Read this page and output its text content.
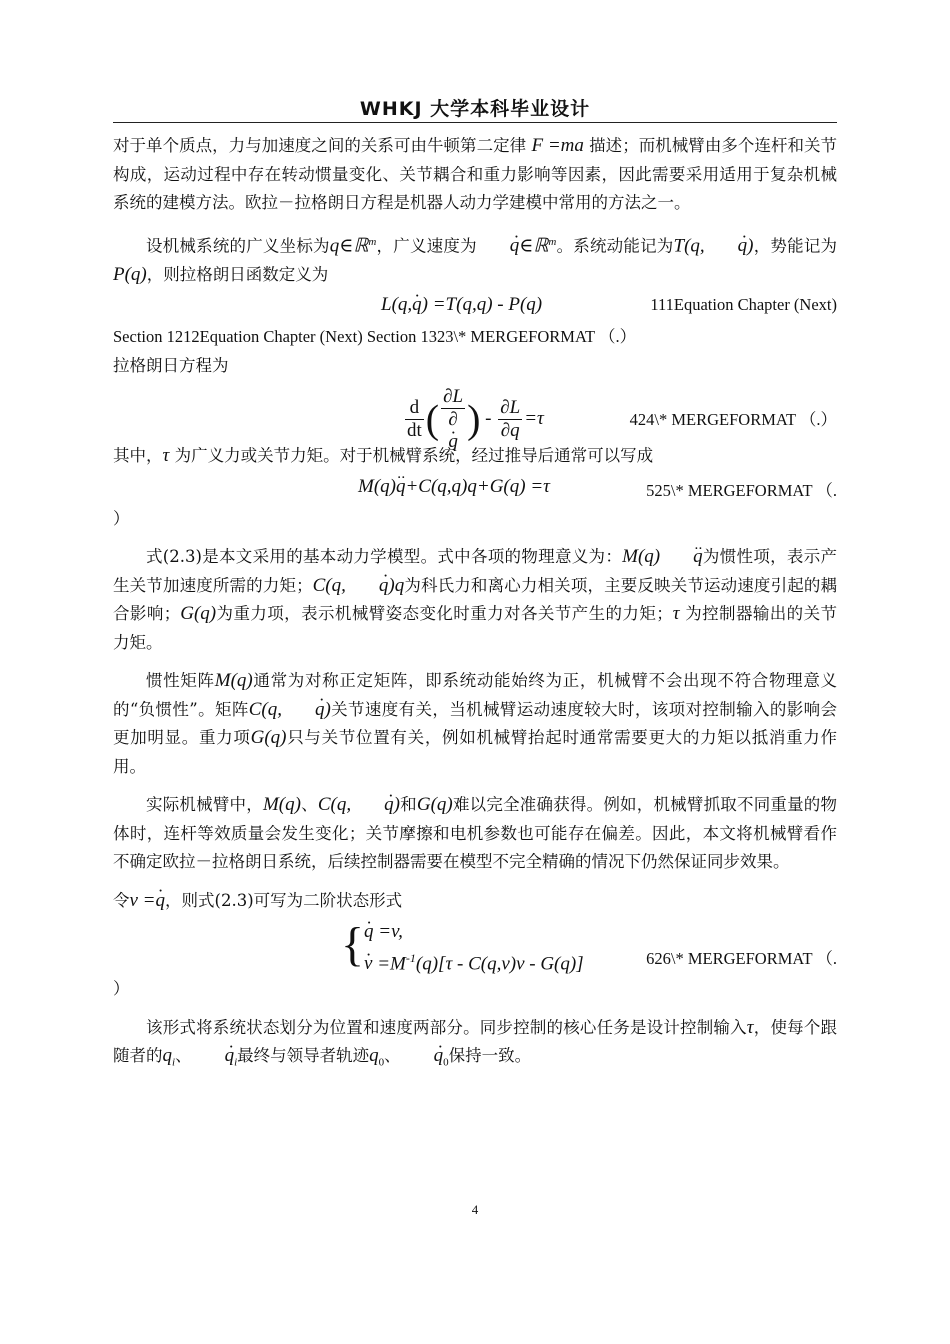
WHKJ 大学本科毕业设计

对于单个质点，力与加速度之间的关系可由牛顿第二定律 F =ma 描述；而机械臂由多个连杆和关节构成，运动过程中存在转动惯量变化、关节耦合和重力影响等因素，因此需要采用适用于复杂机械系统的建模方法。欧拉－拉格朗日方程是机器人动力学建模中常用的方法之一。

设机械系统的广义坐标为q∈ℝ$^m$，广义速度为 q ·∈ℝ$^m$。系统动能记为T(q, q ·)，势能记为P(q)，则拉格朗日函数定义为

L(q,q ·) =T(q,q) - P(q)	111Equation Chapter (Next)

Section 1212Equation Chapter (Next) Section 1323\* MERGEFORMAT （.）

拉格朗日方程为

$\frac{d}{dt}$ ( ∂L
∂
q · ) - $\frac{\partial L}{\partial q} =\tau$	424\* MERGEFORMAT （.）

其中，τ 为广义力或关节力矩。对于机械臂系统，经过推导后通常可以写成

M(q)q ··+C(q,q)q+G(q) =τ	525\* MERGEFORMAT （.

）

式(2.3)是本文采用的基本动力学模型。式中各项的物理意义为：M(q) q ··为惯性项，表示产生关节加速度所需的力矩；C(q, q ·)q为科氏力和离心力相关项，主要反映关节运动速度引起的耦合影响；G(q)为重力项，表示机械臂姿态变化时重力对各关节产生的力矩；τ 为控制器输出的关节力矩。

惯性矩阵M(q)通常为对称正定矩阵，即系统动能始终为正，机械臂不会出现不符合物理意义的“负惯性”。矩阵C(q, q ·)关节速度有关，当机械臂运动速度较大时，该项对控制输入的影响会更加明显。重力项G(q)只与关节位置有关，例如机械臂抬起时通常需要更大的力矩以抵消重力作用。

实际机械臂中，M(q)、C(q, q ·)和G(q)难以完全准确获得。例如，机械臂抓取不同重量的物体时，连杆等效质量会发生变化；关节摩擦和电机参数也可能存在偏差。因此，本文将机械臂看作不确定欧拉－拉格朗日系统，后续控制器需要在模型不完全精确的情况下仍然保证同步效果。

令v =q ·，则式(2.3)可写为二阶状态形式

{ q · =v,
$v \cdot =M^{-1}(q)[\tau - C(q,v)v - G(q)]$	626\* MERGEFORMAT （.

）

该形式将系统状态划分为位置和速度两部分。同步控制的核心任务是设计控制输入τ，使每个跟随者的$q_i$、 $q \cdot_i$最终与领导者轨迹$q_0$、 $q \cdot_0$保持一致。

4
